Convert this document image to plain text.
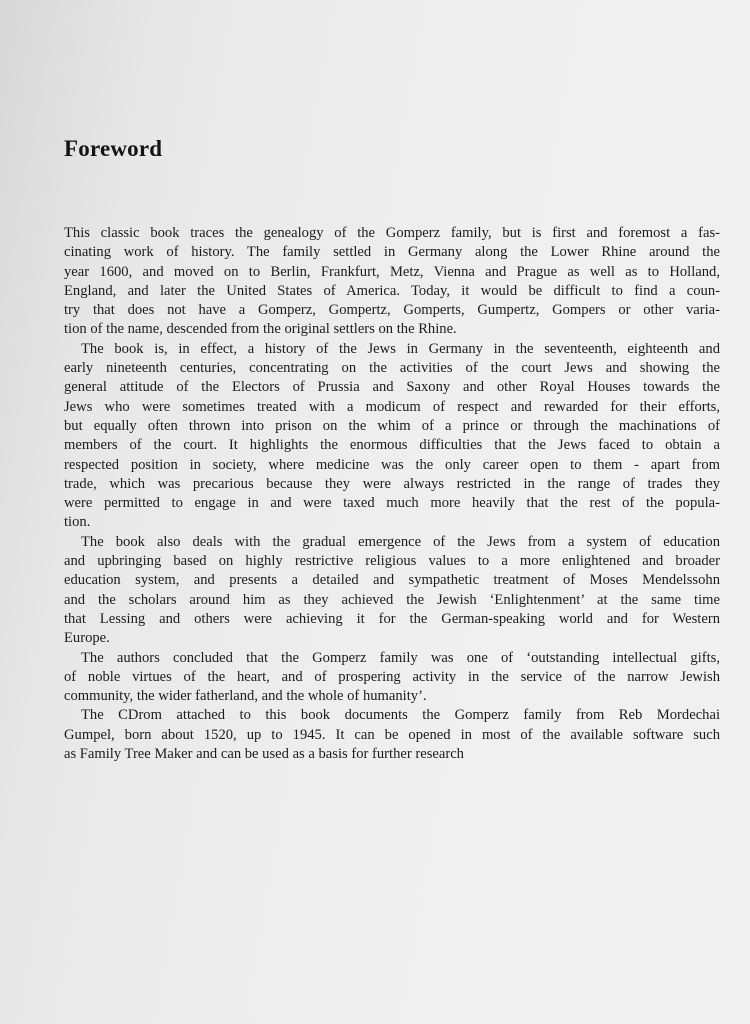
Foreword

This classic book traces the genealogy of the Gomperz family, but is first and foremost a fas-
cinating work of history. The family settled in Germany along the Lower Rhine around the
year 1600, and moved on to Berlin, Frankfurt, Metz, Vienna and Prague as well as to Holland,
England, and later the United States of America. Today, it would be difficult to find a coun-
try that does not have a Gomperz, Gompertz, Gomperts, Gumpertz, Gompers or other varia-
tion of the name, descended from the original settlers on the Rhine.

The book is, in effect, a history of the Jews in Germany in the seventeenth, eighteenth and
early nineteenth centuries, concentrating on the activities of the court Jews and showing the
general attitude of the Electors of Prussia and Saxony and other Royal Houses towards the
Jews who were sometimes treated with a modicum of respect and rewarded for their efforts,
but equally often thrown into prison on the whim of a prince or through the machinations of
members of the court. It highlights the enormous difficulties that the Jews faced to obtain a
respected position in society, where medicine was the only career open to them - apart from
trade, which was precarious because they were always restricted in the range of trades they
were permitted to engage in and were taxed much more heavily that the rest of the popula-
tion.

The book also deals with the gradual emergence of the Jews from a system of education
and upbringing based on highly restrictive religious values to a more enlightened and broader
education system, and presents a detailed and sympathetic treatment of Moses Mendelssohn
and the scholars around him as they achieved the Jewish ‘Enlightenment’ at the same time
that Lessing and others were achieving it for the German-speaking world and for Western
Europe.

The authors concluded that the Gomperz family was one of ‘outstanding intellectual gifts,
of noble virtues of the heart, and of prospering activity in the service of the narrow Jewish
community, the wider fatherland, and the whole of humanity’.

The CDrom attached to this book documents the Gomperz family from Reb Mordechai
Gumpel, born about 1520, up to 1945. It can be opened in most of the available software such
as Family Tree Maker and can be used as a basis for further research
